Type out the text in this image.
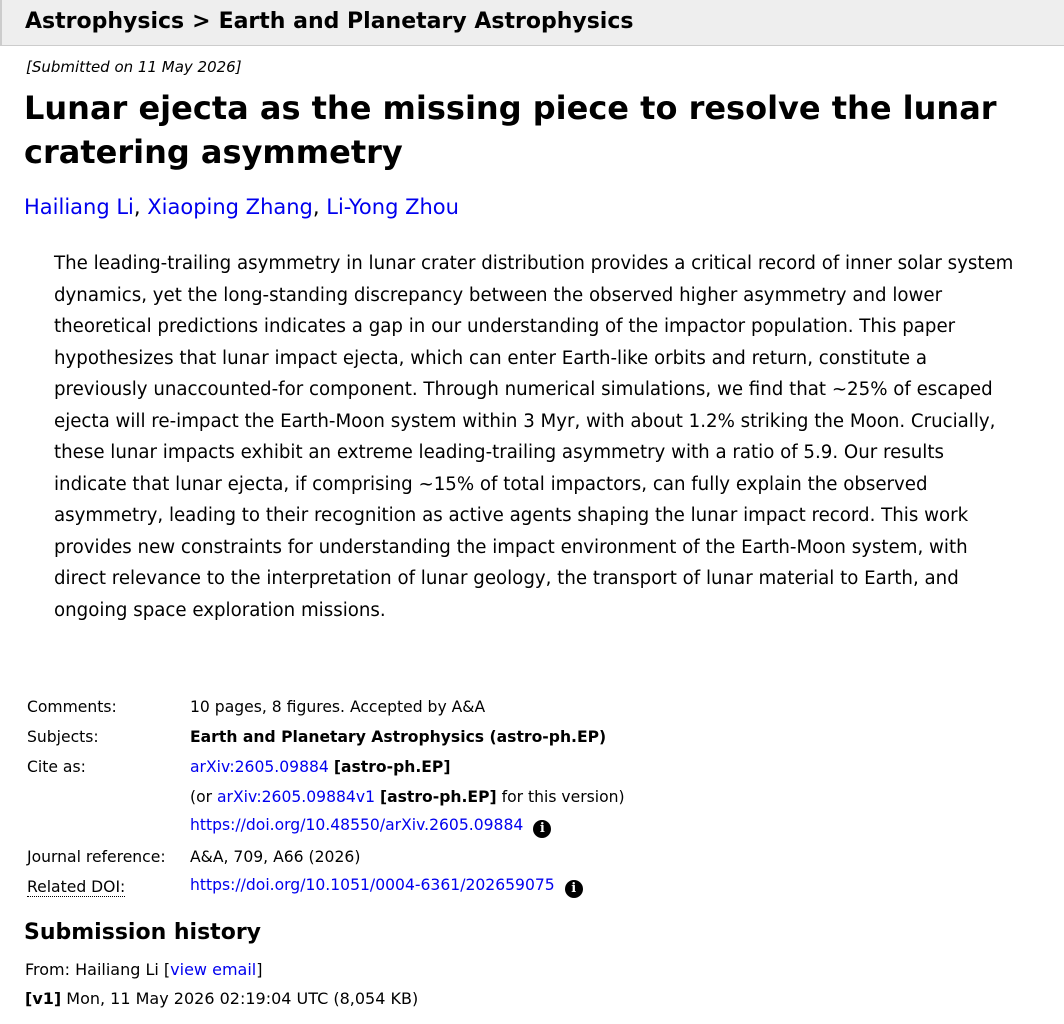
Astrophysics > Earth and Planetary Astrophysics
[Submitted on 11 May 2026]
Lunar ejecta as the missing piece to resolve the lunar cratering asymmetry
Hailiang Li, Xiaoping Zhang, Li-Yong Zhou

The leading-trailing asymmetry in lunar crater distribution provides a critical record of inner solar system dynamics, yet the long-standing discrepancy between the observed higher asymmetry and lower theoretical predictions indicates a gap in our understanding of the impactor population. This paper hypothesizes that lunar impact ejecta, which can enter Earth-like orbits and return, constitute a previously unaccounted-for component. Through numerical simulations, we find that ~25% of escaped ejecta will re-impact the Earth-Moon system within 3 Myr, with about 1.2% striking the Moon. Crucially, these lunar impacts exhibit an extreme leading-trailing asymmetry with a ratio of 5.9. Our results indicate that lunar ejecta, if comprising ~15% of total impactors, can fully explain the observed asymmetry, leading to their recognition as active agents shaping the lunar impact record. This work provides new constraints for understanding the impact environment of the Earth-Moon system, with direct relevance to the interpretation of lunar geology, the transport of lunar material to Earth, and ongoing space exploration missions.

Comments:	10 pages, 8 figures. Accepted by A&A
Subjects:	Earth and Planetary Astrophysics (astro-ph.EP)
Cite as:	arXiv:2605.09884 [astro-ph.EP]
	(or arXiv:2605.09884v1 [astro-ph.EP] for this version)
	https://doi.org/10.48550/arXiv.2605.09884 i
Journal reference:	A&A, 709, A66 (2026)
Related DOI:	https://doi.org/10.1051/0004-6361/202659075 i
Submission history
From: Hailiang Li [view email]
[v1] Mon, 11 May 2026 02:19:04 UTC (8,054 KB)
